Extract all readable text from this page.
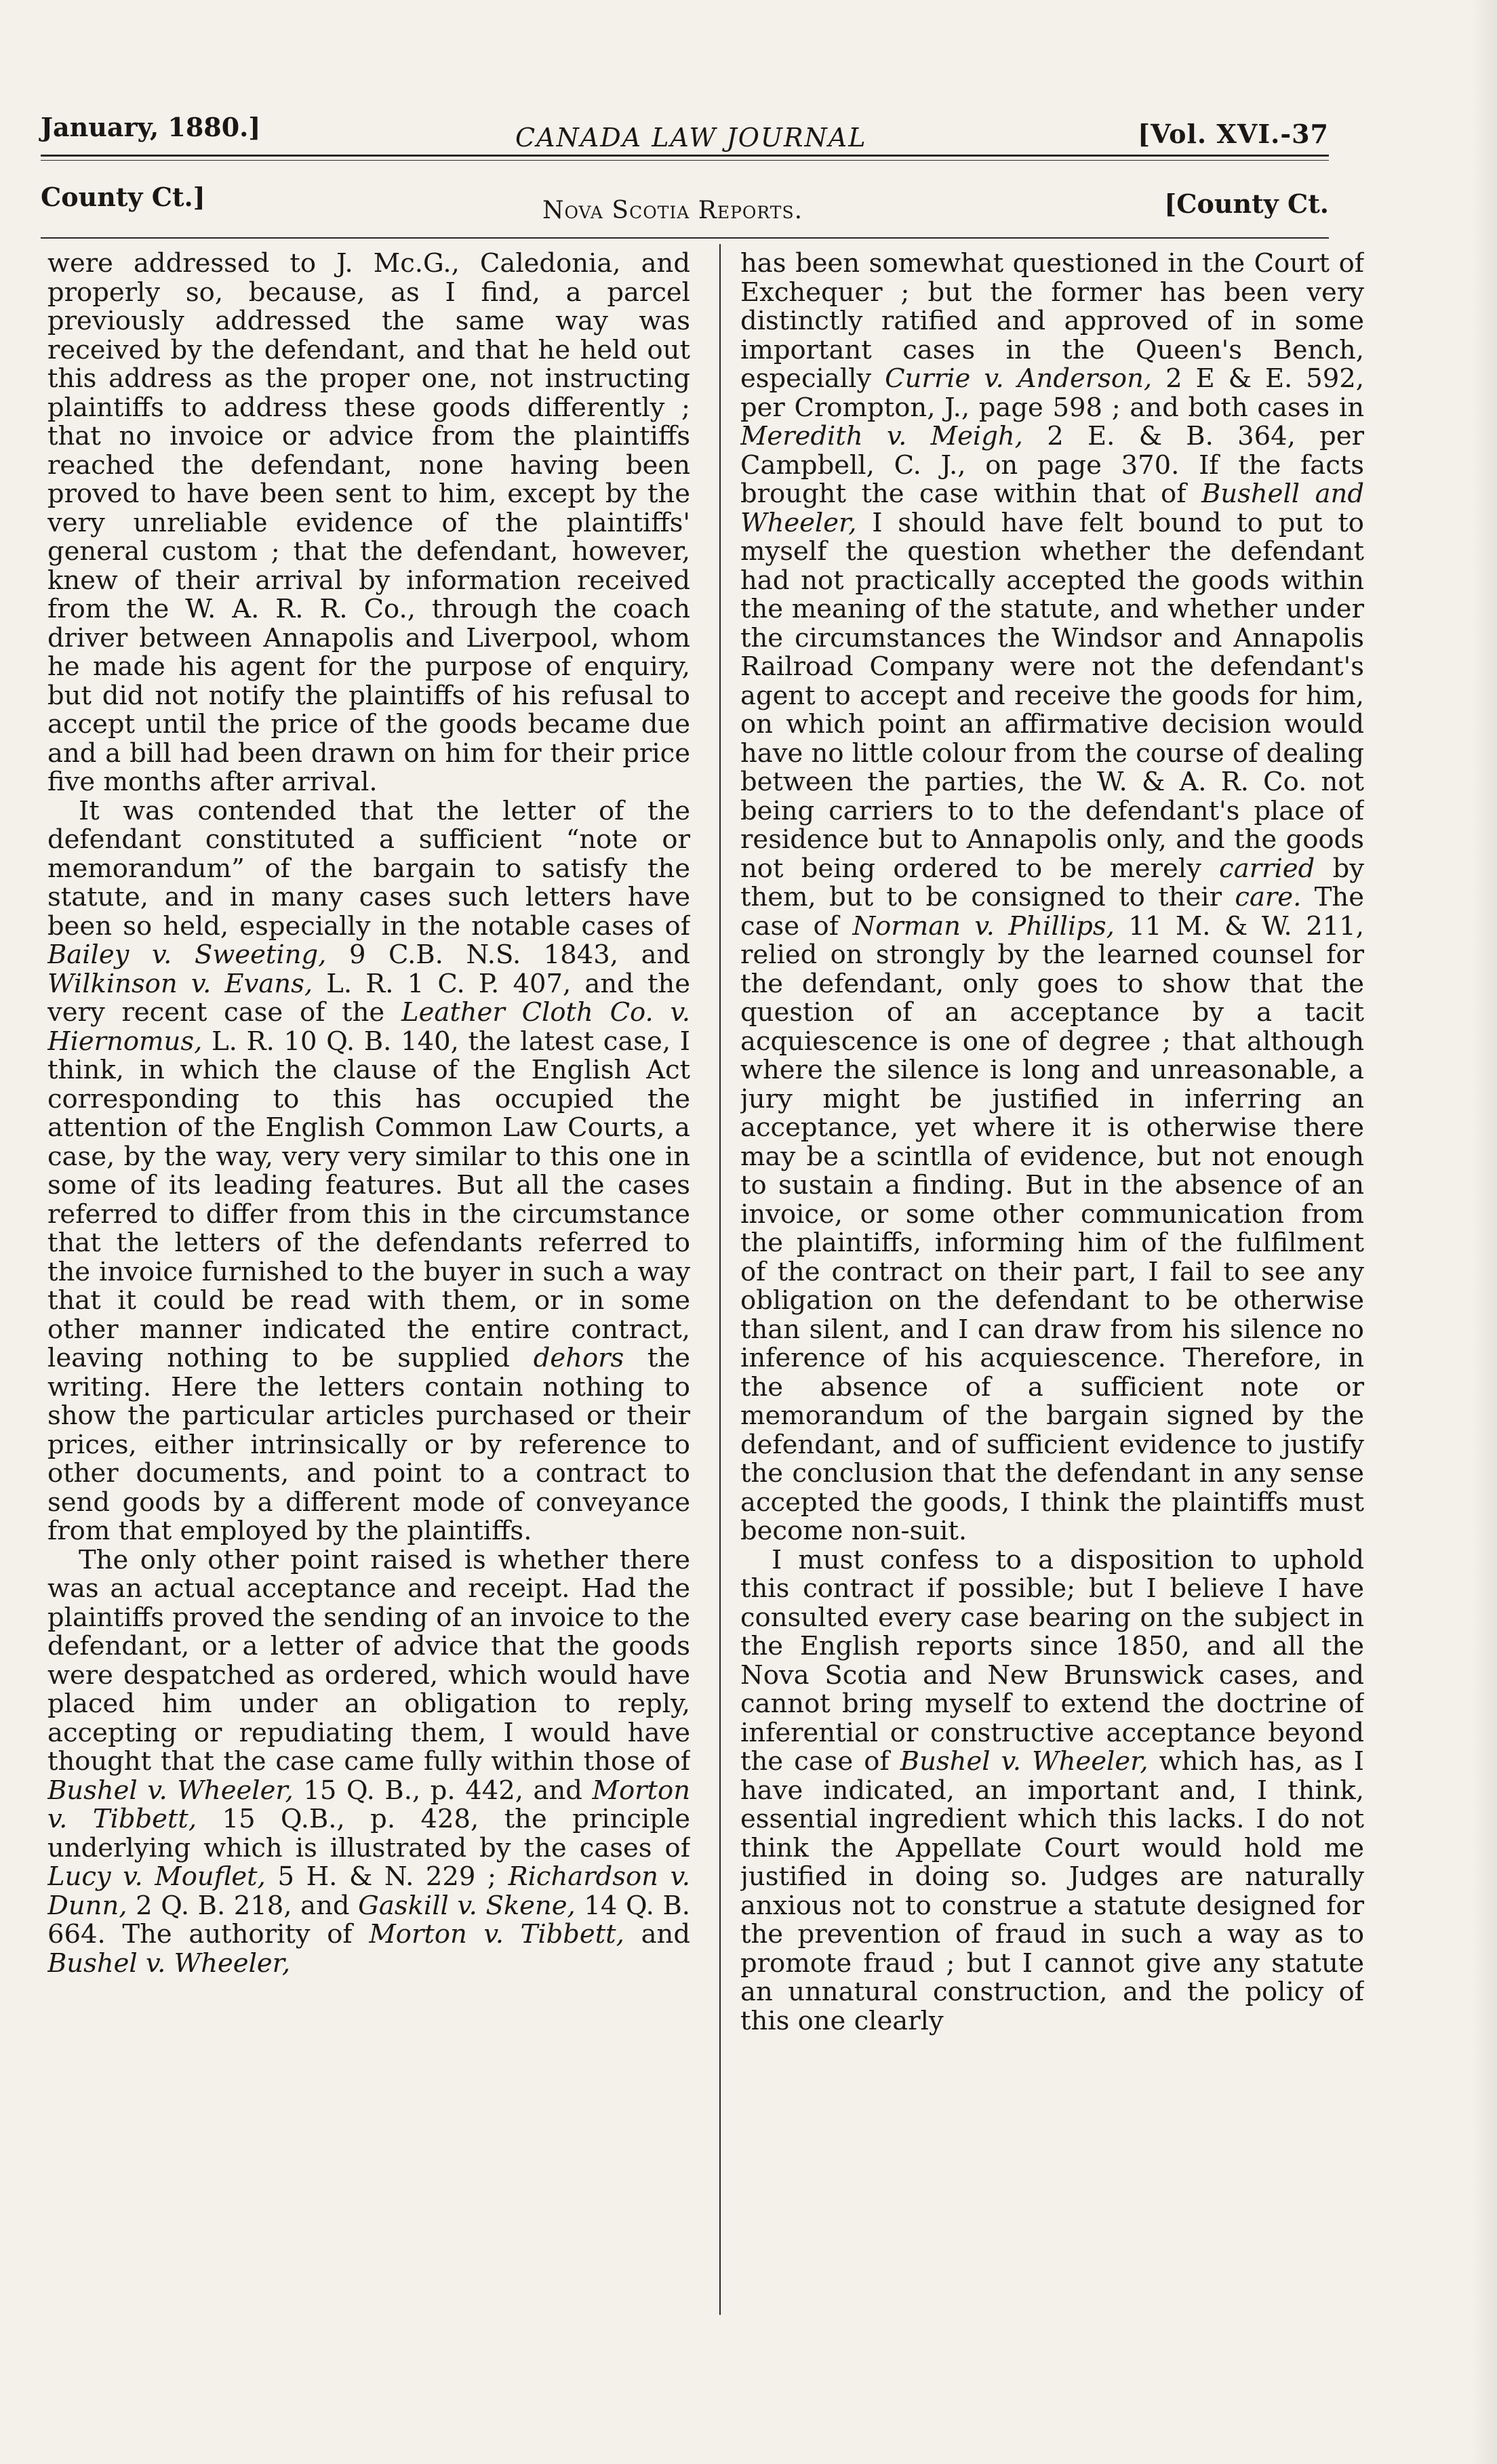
January, 1880.]	CANADA LAW JOURNAL	[Vol. XVI.-37
County Ct.]	Nova Scotia Reports.	[County Ct.

were addressed to J. Mc.G., Caledonia, and properly so, because, as I find, a parcel previously addressed the same way was received by the defendant, and that he held out this address as the proper one, not instructing plaintiffs to address these goods differently ; that no invoice or advice from the plaintiffs reached the defendant, none having been proved to have been sent to him, except by the very unreliable evidence of the plaintiffs' general custom ; that the defendant, however, knew of their arrival by information received from the W. A. R. R. Co., through the coach driver between Annapolis and Liverpool, whom he made his agent for the purpose of enquiry, but did not notify the plaintiffs of his refusal to accept until the price of the goods became due and a bill had been drawn on him for their price five months after arrival.

It was contended that the letter of the defendant constituted a sufficient “note or memorandum” of the bargain to satisfy the statute, and in many cases such letters have been so held, especially in the notable cases of Bailey v. Sweeting, 9 C.B. N.S. 1843, and Wilkinson v. Evans, L. R. 1 C. P. 407, and the very recent case of the Leather Cloth Co. v. Hiernomus, L. R. 10 Q. B. 140, the latest case, I think, in which the clause of the English Act corresponding to this has occupied the attention of the English Common Law Courts, a case, by the way, very very similar to this one in some of its leading features. But all the cases referred to differ from this in the circumstance that the letters of the defendants referred to the invoice furnished to the buyer in such a way that it could be read with them, or in some other manner indicated the entire contract, leaving nothing to be supplied dehors the writing. Here the letters contain nothing to show the particular articles purchased or their prices, either intrinsically or by reference to other documents, and point to a contract to send goods by a different mode of conveyance from that employed by the plaintiffs.

The only other point raised is whether there was an actual acceptance and receipt. Had the plaintiffs proved the sending of an invoice to the defendant, or a letter of advice that the goods were despatched as ordered, which would have placed him under an obligation to reply, accepting or repudiating them, I would have thought that the case came fully within those of Bushel v. Wheeler, 15 Q. B., p. 442, and Morton v. Tibbett, 15 Q.B., p. 428, the principle underlying which is illustrated by the cases of Lucy v. Mouflet, 5 H. & N. 229 ; Richardson v. Dunn, 2 Q. B. 218, and Gaskill v. Skene, 14 Q. B. 664. The authority of Morton v. Tibbett, and Bushel v. Wheeler,

has been somewhat questioned in the Court of Exchequer ; but the former has been very distinctly ratified and approved of in some important cases in the Queen's Bench, especially Currie v. Anderson, 2 E & E. 592, per Crompton, J., page 598 ; and both cases in Meredith v. Meigh, 2 E. & B. 364, per Campbell, C. J., on page 370. If the facts brought the case within that of Bushell and Wheeler, I should have felt bound to put to myself the question whether the defendant had not practically accepted the goods within the meaning of the statute, and whether under the circumstances the Windsor and Annapolis Railroad Company were not the defendant's agent to accept and receive the goods for him, on which point an affirmative decision would have no little colour from the course of dealing between the parties, the W. & A. R. Co. not being carriers to to the defendant's place of residence but to Annapolis only, and the goods not being ordered to be merely carried by them, but to be consigned to their care. The case of Norman v. Phillips, 11 M. & W. 211, relied on strongly by the learned counsel for the defendant, only goes to show that the question of an acceptance by a tacit acquiescence is one of degree ; that although where the silence is long and unreasonable, a jury might be justified in inferring an acceptance, yet where it is otherwise there may be a scintlla of evidence, but not enough to sustain a finding. But in the absence of an invoice, or some other communication from the plaintiffs, informing him of the fulfilment of the contract on their part, I fail to see any obligation on the defendant to be otherwise than silent, and I can draw from his silence no inference of his acquiescence. Therefore, in the absence of a sufficient note or memorandum of the bargain signed by the defendant, and of sufficient evidence to justify the conclusion that the defendant in any sense accepted the goods, I think the plaintiffs must become non-suit.

I must confess to a disposition to uphold this contract if possible; but I believe I have consulted every case bearing on the subject in the English reports since 1850, and all the Nova Scotia and New Brunswick cases, and cannot bring myself to extend the doctrine of inferential or constructive acceptance beyond the case of Bushel v. Wheeler, which has, as I have indicated, an important and, I think, essential ingredient which this lacks. I do not think the Appellate Court would hold me justified in doing so. Judges are naturally anxious not to construe a statute designed for the prevention of fraud in such a way as to promote fraud ; but I cannot give any statute an unnatural construction, and the policy of this one clearly
